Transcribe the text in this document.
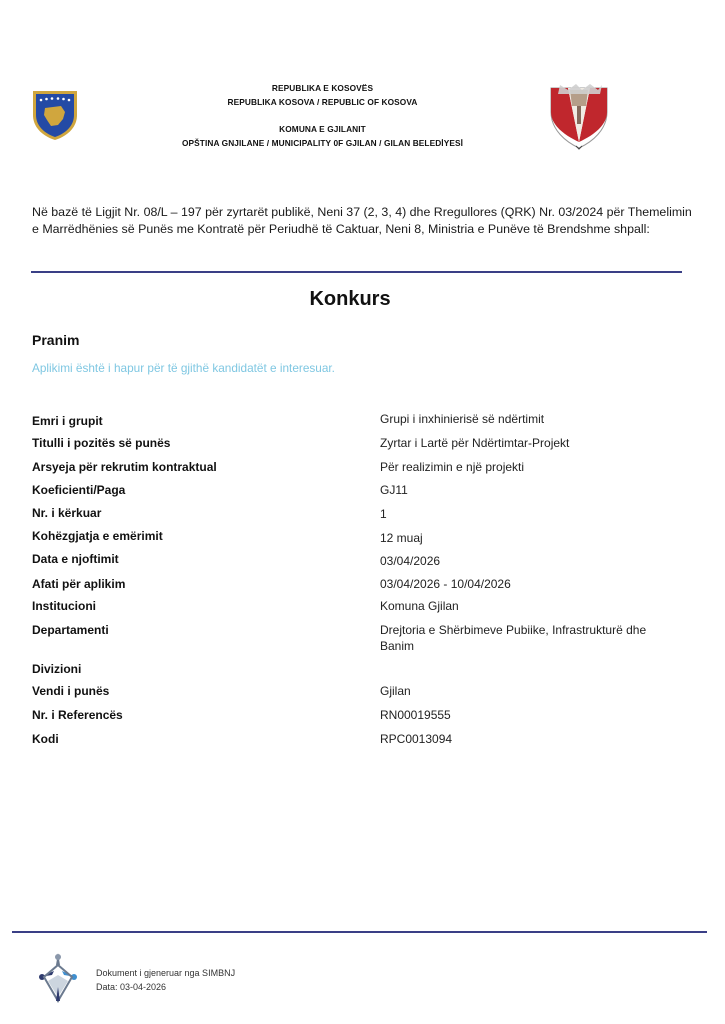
REPUBLIKA E KOSOVËS
REPUBLIKA KOSOVA / REPUBLIC OF KOSOVA
KOMUNA E GJILANIT
OPŠTINA GNJILANE / MUNICIPALITY 0F GJILAN / GILAN BELEDİYESİ
Në bazë të Ligjit Nr. 08/L – 197 për zyrtarët publikë, Neni 37 (2, 3, 4) dhe Rregullores (QRK) Nr. 03/2024 për Themelimin e Marrëdhënies së Punës me Kontratë për Periudhë të Caktuar, Neni 8, Ministria e Punëve të Brendshme shpall:
Konkurs
Pranim
Aplikimi është i hapur për të gjithë kandidatët e interesuar.
Emri i grupit	Grupi i inxhinierisë së ndërtimit
Titulli i pozitës së punës	Zyrtar i Lartë për Ndërtimtar-Projekt
Arsyeja për rekrutim kontraktual	Për realizimin e një projekti
Koeficienti/Paga	GJ11
Nr. i kërkuar	1
Kohëzgjatja e emërimit	12 muaj
Data e njoftimit	03/04/2026
Afati për aplikim	03/04/2026 - 10/04/2026
Institucioni	Komuna Gjilan
Departamenti	Drejtoria e Shërbimeve Pubiike, Infrastrukturë dhe Banim
Divizioni
Vendi i punës	Gjilan
Nr. i Referencës	RN00019555
Kodi	RPC0013094
Dokument i gjeneruar nga SIMBNJ
Data: 03-04-2026
